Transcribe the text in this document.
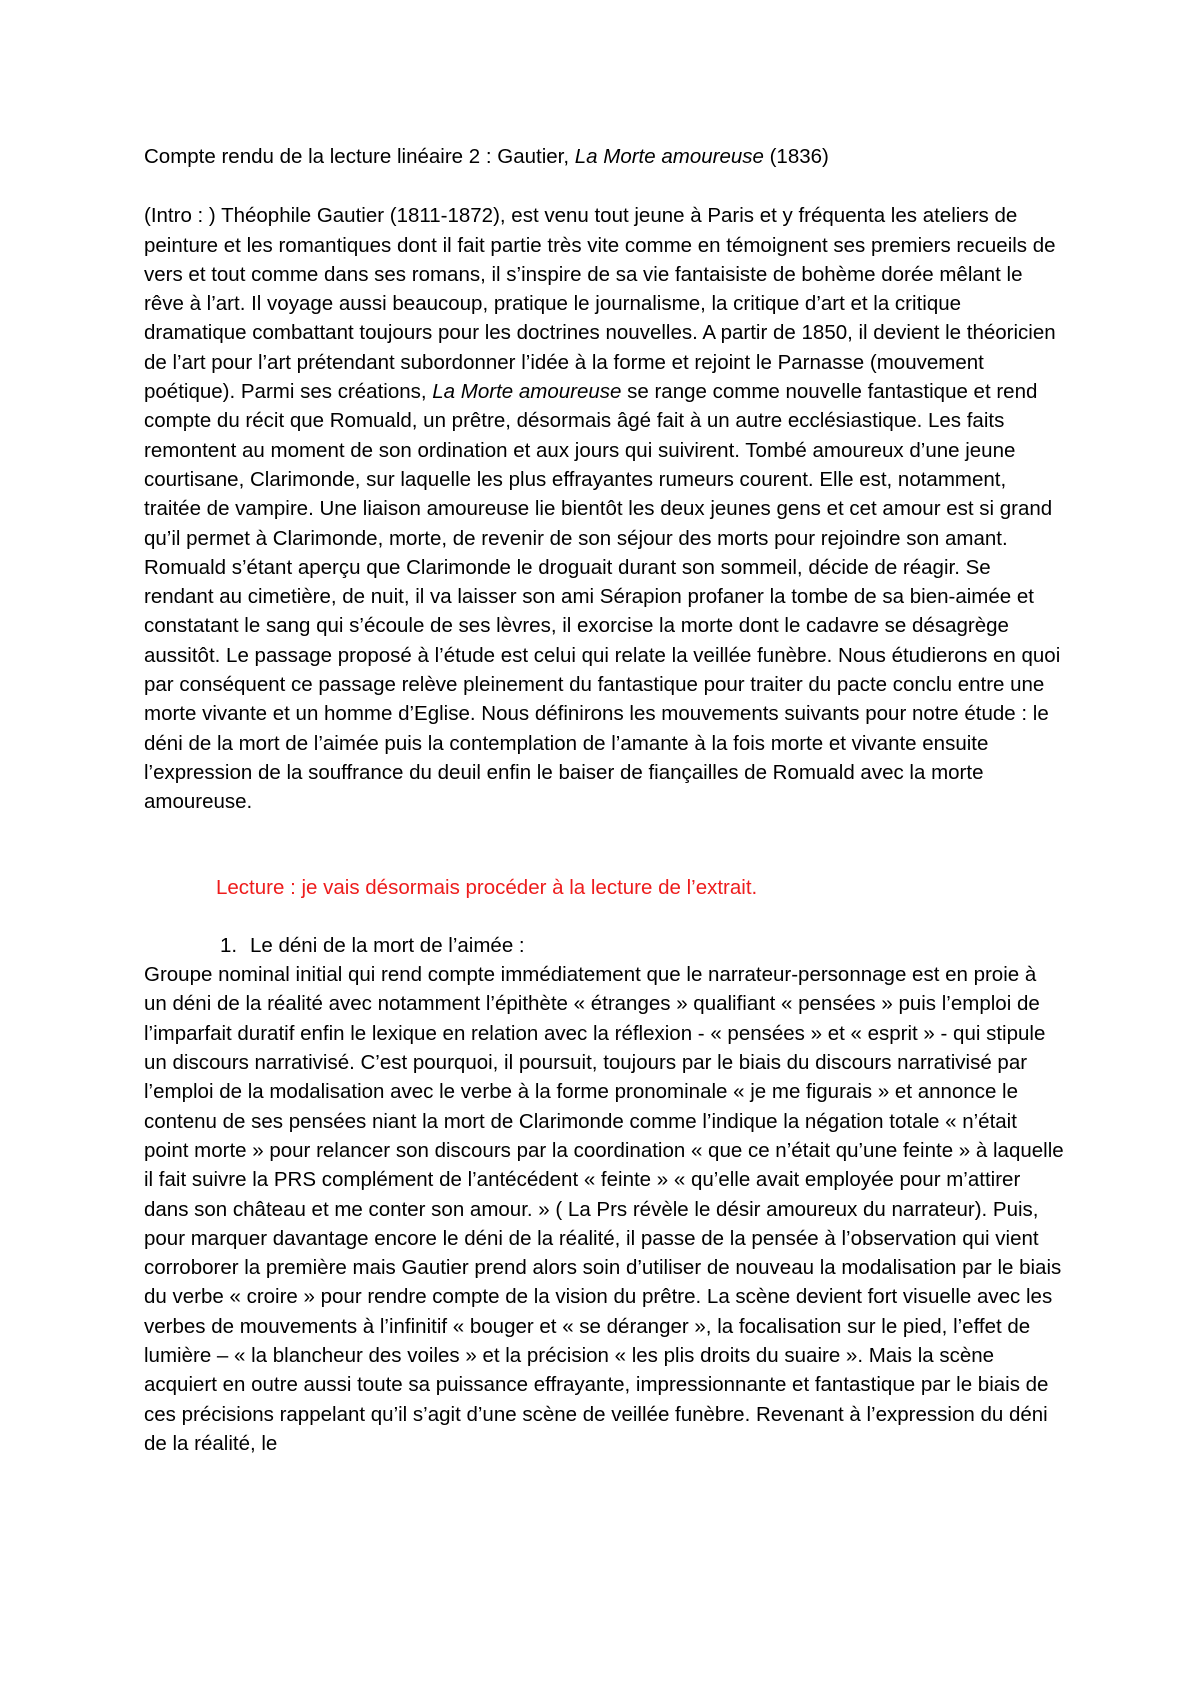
Compte rendu de la lecture linéaire 2 : Gautier, La Morte amoureuse (1836)

(Intro : ) Théophile Gautier (1811-1872), est venu tout jeune à Paris et y fréquenta les ateliers de peinture et les romantiques dont il fait partie très vite comme en témoignent ses premiers recueils de vers et tout comme dans ses romans, il s’inspire de sa vie fantaisiste de bohème dorée mêlant le rêve à l’art. Il voyage aussi beaucoup, pratique le journalisme, la critique d’art et la critique dramatique combattant toujours pour les doctrines nouvelles. A partir de 1850, il devient le théoricien de l’art pour l’art prétendant subordonner l’idée à la forme et rejoint le Parnasse (mouvement poétique). Parmi ses créations, La Morte amoureuse se range comme nouvelle fantastique et rend compte du récit que Romuald, un prêtre, désormais âgé fait à un autre ecclésiastique. Les faits remontent au moment de son ordination et aux jours qui suivirent. Tombé amoureux d’une jeune courtisane, Clarimonde, sur laquelle les plus effrayantes rumeurs courent. Elle est, notamment, traitée de vampire. Une liaison amoureuse lie bientôt les deux jeunes gens et cet amour est si grand qu’il permet à Clarimonde, morte, de revenir de son séjour des morts pour rejoindre son amant. Romuald s’étant aperçu que Clarimonde le droguait durant son sommeil, décide de réagir. Se rendant au cimetière, de nuit, il va laisser son ami Sérapion profaner la tombe de sa bien-aimée et constatant le sang qui s’écoule de ses lèvres, il exorcise la morte dont le cadavre se désagrège aussitôt. Le passage proposé à l’étude est celui qui relate la veillée funèbre. Nous étudierons en quoi par conséquent ce passage relève pleinement du fantastique pour traiter du pacte conclu entre une morte vivante et un homme d’Eglise. Nous définirons les mouvements suivants pour notre étude : le déni de la mort de l’aimée puis la contemplation de l’amante à la fois morte et vivante ensuite l’expression de la souffrance du deuil enfin le baiser de fiançailles de Romuald avec la morte amoureuse.

Lecture : je vais désormais procéder à la lecture de l’extrait.

1. Le déni de la mort de l’aimée :

Groupe nominal initial qui rend compte immédiatement que le narrateur-personnage est en proie à un déni de la réalité avec notamment l’épithète « étranges » qualifiant « pensées » puis l’emploi de l’imparfait duratif enfin le lexique en relation avec la réflexion - « pensées » et « esprit » - qui stipule un discours narrativisé. C’est pourquoi, il poursuit, toujours par le biais du discours narrativisé par l’emploi de la modalisation avec le verbe à la forme pronominale « je me figurais » et annonce le contenu de ses pensées niant la mort de Clarimonde comme l’indique la négation totale « n’était point morte » pour relancer son discours par la coordination « que ce n’était qu’une feinte » à laquelle il fait suivre la PRS complément de l’antécédent « feinte » « qu’elle avait employée pour m’attirer dans son château et me conter son amour. » ( La Prs révèle le désir amoureux du narrateur). Puis, pour marquer davantage encore le déni de la réalité, il passe de la pensée à l’observation qui vient corroborer la première mais Gautier prend alors soin d’utiliser de nouveau la modalisation par le biais du verbe « croire » pour rendre compte de la vision du prêtre. La scène devient fort visuelle avec les verbes de mouvements à l’infinitif « bouger et « se déranger », la focalisation sur le pied, l’effet de lumière – « la blancheur des voiles » et la précision « les plis droits du suaire ». Mais la scène acquiert en outre aussi toute sa puissance effrayante, impressionnante et fantastique par le biais de ces précisions rappelant qu’il s’agit d’une scène de veillée funèbre. Revenant à l’expression du déni de la réalité, le
